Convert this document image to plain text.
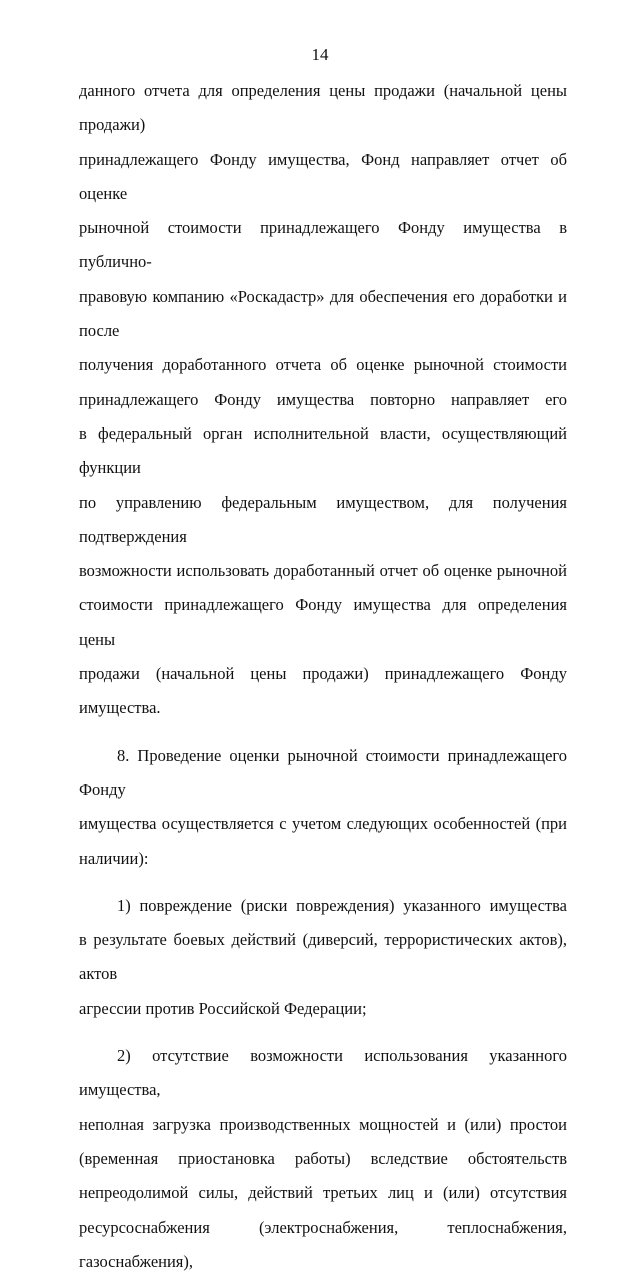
14

данного отчета для определения цены продажи (начальной цены продажи)

принадлежащего Фонду имущества, Фонд направляет отчет об оценке

рыночной стоимости принадлежащего Фонду имущества в публично-

правовую компанию «Роскадастр» для обеспечения его доработки и после

получения доработанного отчета об оценке рыночной стоимости

принадлежащего Фонду имущества повторно направляет его

в федеральный орган исполнительной власти, осуществляющий функции

по управлению федеральным имуществом, для получения подтверждения

возможности использовать доработанный отчет об оценке рыночной

стоимости принадлежащего Фонду имущества для определения цены

продажи (начальной цены продажи) принадлежащего Фонду имущества.

8. Проведение оценки рыночной стоимости принадлежащего Фонду

имущества осуществляется с учетом следующих особенностей (при

наличии):

1) повреждение (риски повреждения) указанного имущества

в результате боевых действий (диверсий, террористических актов), актов

агрессии против Российской Федерации;

2) отсутствие возможности использования указанного имущества,

неполная загрузка производственных мощностей и (или) простои

(временная приостановка работы) вследствие обстоятельств

непреодолимой силы, действий третьих лиц и (или) отсутствия

ресурсоснабжения (электроснабжения, теплоснабжения, газоснабжения),
